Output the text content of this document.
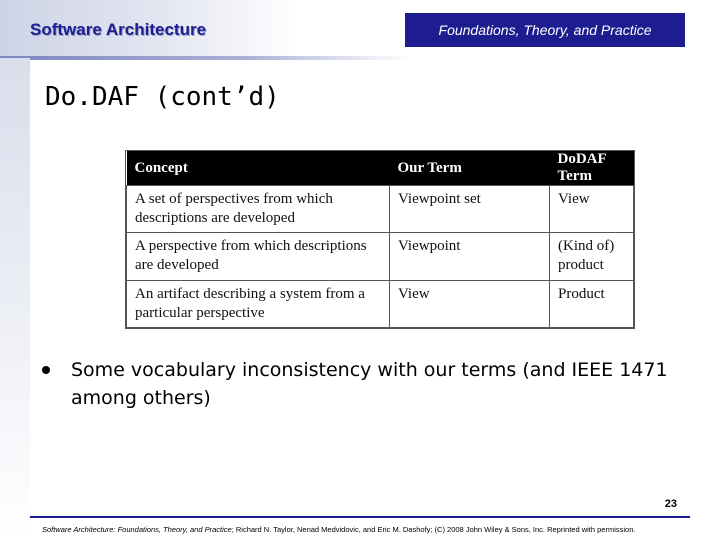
Software Architecture	Foundations, Theory, and Practice
Do.DAF (cont’d)
Concept	Our Term	DoDAF Term
A set of perspectives from which descriptions are developed	Viewpoint set	View
A perspective from which descriptions are developed	Viewpoint	(Kind of) product
An artifact describing a system from a particular perspective	View	Product
Some vocabulary inconsistency with our terms (and IEEE 1471 among others)
23
Software Architecture: Foundations, Theory, and Practice; Richard N. Taylor, Nenad Medvidovic, and Eric M. Dashofy; (C) 2008 John Wiley & Sons, Inc. Reprinted with permission.
